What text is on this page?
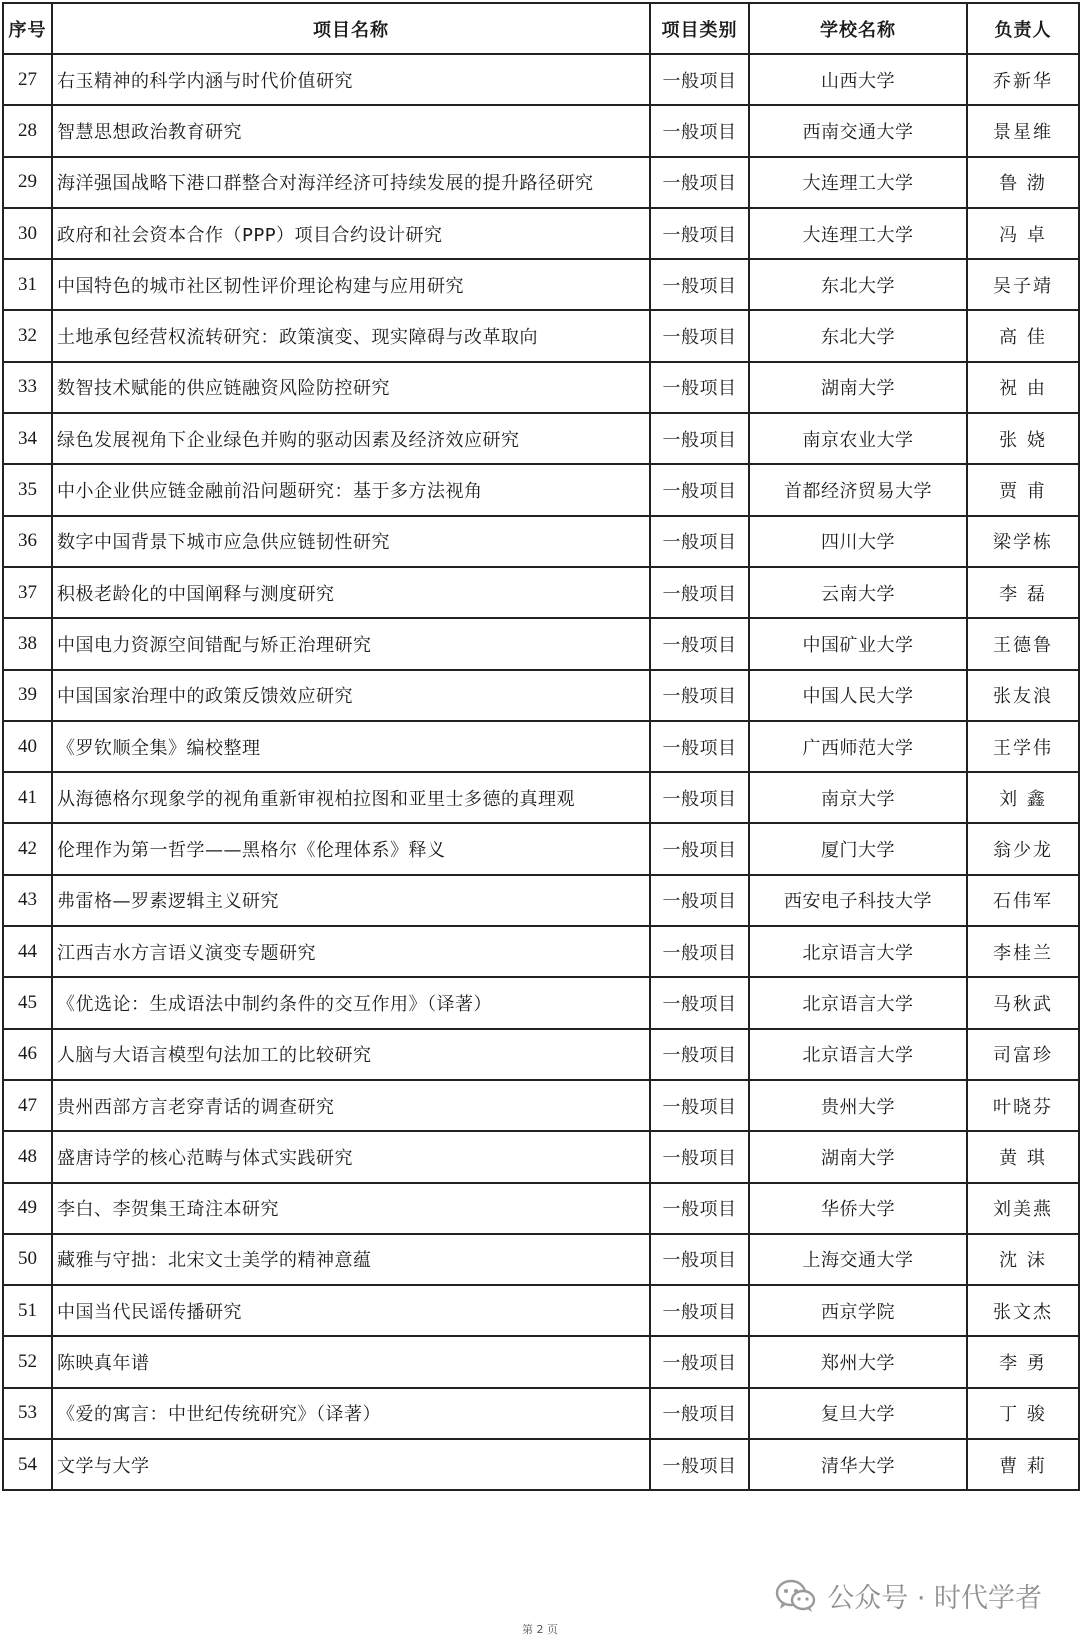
序号	项目名称	项目类别	学校名称	负责人
27	右玉精神的科学内涵与时代价值研究	一般项目	山西大学	乔新华
28	智慧思想政治教育研究	一般项目	西南交通大学	景星维
29	海洋强国战略下港口群整合对海洋经济可持续发展的提升路径研究	一般项目	大连理工大学	鲁 渤
30	政府和社会资本合作（PPP）项目合约设计研究	一般项目	大连理工大学	冯 卓
31	中国特色的城市社区韧性评价理论构建与应用研究	一般项目	东北大学	吴子靖
32	土地承包经营权流转研究：政策演变、现实障碍与改革取向	一般项目	东北大学	高 佳
33	数智技术赋能的供应链融资风险防控研究	一般项目	湖南大学	祝 由
34	绿色发展视角下企业绿色并购的驱动因素及经济效应研究	一般项目	南京农业大学	张 娆
35	中小企业供应链金融前沿问题研究：基于多方法视角	一般项目	首都经济贸易大学	贾 甫
36	数字中国背景下城市应急供应链韧性研究	一般项目	四川大学	梁学栋
37	积极老龄化的中国阐释与测度研究	一般项目	云南大学	李 磊
38	中国电力资源空间错配与矫正治理研究	一般项目	中国矿业大学	王德鲁
39	中国国家治理中的政策反馈效应研究	一般项目	中国人民大学	张友浪
40	《罗钦顺全集》编校整理	一般项目	广西师范大学	王学伟
41	从海德格尔现象学的视角重新审视柏拉图和亚里士多德的真理观	一般项目	南京大学	刘 鑫
42	伦理作为第一哲学——黑格尔《伦理体系》释义	一般项目	厦门大学	翁少龙
43	弗雷格—罗素逻辑主义研究	一般项目	西安电子科技大学	石伟军
44	江西吉水方言语义演变专题研究	一般项目	北京语言大学	李桂兰
45	《优选论：生成语法中制约条件的交互作用》（译著）	一般项目	北京语言大学	马秋武
46	人脑与大语言模型句法加工的比较研究	一般项目	北京语言大学	司富珍
47	贵州西部方言老穿青话的调查研究	一般项目	贵州大学	叶晓芬
48	盛唐诗学的核心范畴与体式实践研究	一般项目	湖南大学	黄 琪
49	李白、李贺集王琦注本研究	一般项目	华侨大学	刘美燕
50	藏雅与守拙：北宋文士美学的精神意蕴	一般项目	上海交通大学	沈 沫
51	中国当代民谣传播研究	一般项目	西京学院	张文杰
52	陈映真年谱	一般项目	郑州大学	李 勇
53	《爱的寓言：中世纪传统研究》（译著）	一般项目	复旦大学	丁 骏
54	文学与大学	一般项目	清华大学	曹 莉
公众号 · 时代学者
第 2 页
